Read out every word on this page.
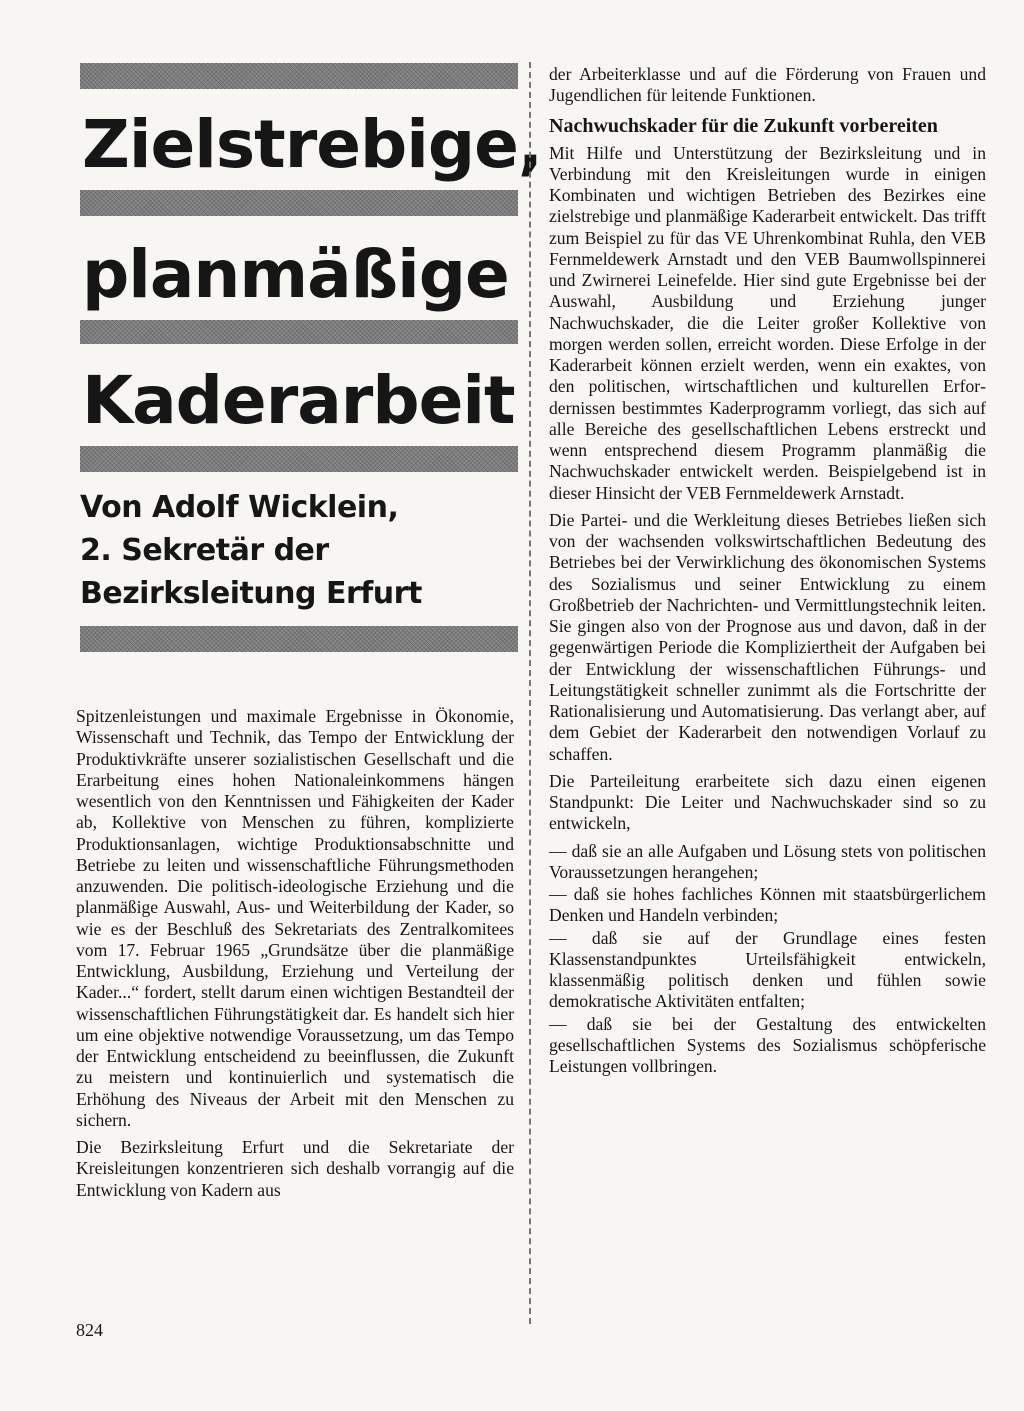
Zielstrebige,
planmäßige
Kaderarbeit
Von Adolf Wicklein,
2. Sekretär der
Bezirksleitung Erfurt

Spitzenleistungen und maximale Ergebnisse in Ökonomie, Wissenschaft und Technik, das Tempo der Entwicklung der Produktivkräfte unserer sozialistischen Gesellschaft und die Erarbeitung eines hohen Nationaleinkommens hängen wesentlich von den Kenntnissen und Fähigkeiten der Kader ab, Kollektive von Menschen zu führen, komplizierte Produktionsanlagen, wichtige Produktionsabschnitte und Betriebe zu leiten und wissenschaftliche Führungsmethoden anzuwenden. Die politisch-ideologische Erziehung und die planmäßige Auswahl, Aus- und Weiterbildung der Kader, so wie es der Beschluß des Sekretariats des Zentralkomitees vom 17. Februar 1965 „Grundsätze über die planmäßige Entwicklung, Ausbildung, Erziehung und Verteilung der Kader...“ fordert, stellt darum einen wichtigen Bestandteil der wissenschaftlichen Führungstätigkeit dar. Es handelt sich hier um eine objektive notwendige Voraussetzung, um das Tempo der Entwicklung entscheidend zu beeinflussen, die Zukunft zu meistern und kontinuierlich und systematisch die Erhöhung des Niveaus der Arbeit mit den Menschen zu sichern.

Die Bezirksleitung Erfurt und die Sekretariate der Kreisleitungen konzentrieren sich deshalb vorrangig auf die Entwicklung von Kadern aus

der Arbeiterklasse und auf die Förderung von Frauen und Jugendlichen für leitende Funktionen.

Nachwuchskader für die Zukunft vorbereiten

Mit Hilfe und Unterstützung der Bezirksleitung und in Verbindung mit den Kreisleitungen wurde in einigen Kombinaten und wichtigen Betrieben des Bezirkes eine zielstrebige und planmäßige Kaderarbeit entwickelt. Das trifft zum Beispiel zu für das VE Uhrenkombinat Ruhla, den VEB Fernmeldewerk Arnstadt und den VEB Baumwollspinnerei und Zwirnerei Leinefelde. Hier sind gute Ergebnisse bei der Auswahl, Ausbildung und Erziehung junger Nachwuchskader, die die Leiter großer Kollektive von morgen werden sollen, erreicht worden. Diese Erfolge in der Kaderarbeit können erzielt werden, wenn ein exaktes, von den politischen, wirtschaftlichen und kulturellen Erfordernissen bestimmtes Kaderprogramm vorliegt, das sich auf alle Bereiche des gesellschaftlichen Lebens erstreckt und wenn entsprechend diesem Programm planmäßig die Nachwuchskader entwickelt werden. Beispielgebend ist in dieser Hinsicht der VEB Fernmeldewerk Arnstadt.

Die Partei- und die Werkleitung dieses Betriebes ließen sich von der wachsenden volkswirtschaftlichen Bedeutung des Betriebes bei der Verwirklichung des ökonomischen Systems des Sozialismus und seiner Entwicklung zu einem Großbetrieb der Nachrichten- und Vermittlungstechnik leiten. Sie gingen also von der Prognose aus und davon, daß in der gegenwärtigen Periode die Kompliziertheit der Aufgaben bei der Entwicklung der wissenschaftlichen Führungs- und Leitungstätigkeit schneller zunimmt als die Fortschritte der Rationalisierung und Automatisierung. Das verlangt aber, auf dem Gebiet der Kaderarbeit den notwendigen Vorlauf zu schaffen.

Die Parteileitung erarbeitete sich dazu einen eigenen Standpunkt: Die Leiter und Nachwuchskader sind so zu entwickeln,

— daß sie an alle Aufgaben und Lösung stets von politischen Voraussetzungen herangehen;
— daß sie hohes fachliches Können mit staatsbürgerlichem Denken und Handeln verbinden;
— daß sie auf der Grundlage eines festen Klassenstandpunktes Urteilsfähigkeit entwickeln, klassenmäßig politisch denken und fühlen sowie demokratische Aktivitäten entfalten;
— daß sie bei der Gestaltung des entwickelten gesellschaftlichen Systems des Sozialismus schöpferische Leistungen vollbringen.

824
